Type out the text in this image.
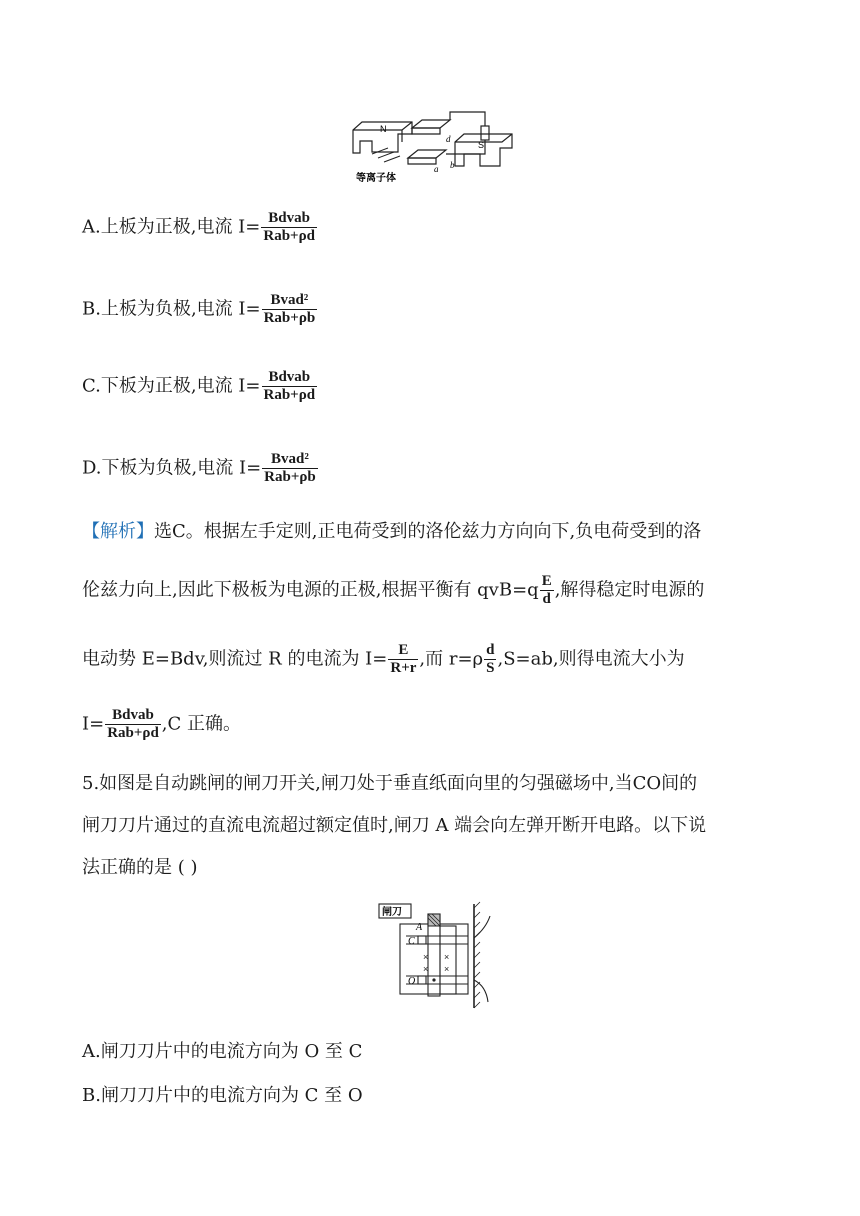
N
S
d
a b
等离子体
A.上板为正极,电流 $I= \frac{\text{Bdvab}}{\text{Rab+ρd}}$
B.上板为负极,电流 $I= \frac{\text{Bvad²}}{\text{Rab+ρb}}$
C.下板为正极,电流 $I= \frac{\text{Bdvab}}{\text{Rab+ρd}}$
D.下板为负极,电流 $I= \frac{\text{Bvad²}}{\text{Rab+ρb}}$
【解析】选C。根据左手定则,正电荷受到的洛伦兹力方向向下,负电荷受到的洛
伦兹力向上,因此下极板为电源的正极,根据平衡有 $qvB=q \frac{E}{d}$ ,解得稳定时电源的
电动势 E=Bdv,则流过 R 的电流为 $I= \frac{E}{R+r}$ ,而 $r=\rho \frac{d}{S} ,S=ab$,则得电流大小为
$I= \frac{\text{Bdvab}}{\text{Rab+ρd}} ,C$ 正确。
5.如图是自动跳闸的闸刀开关,闸刀处于垂直纸面向里的匀强磁场中,当CO间的
闸刀刀片通过的直流电流超过额定值时,闸刀 A 端会向左弹开断开电路。以下说
法正确的是 ( )
× ×
× ×
闸刀
A
C
O
A.闸刀刀片中的电流方向为 O 至 C
B.闸刀刀片中的电流方向为 C 至 O
